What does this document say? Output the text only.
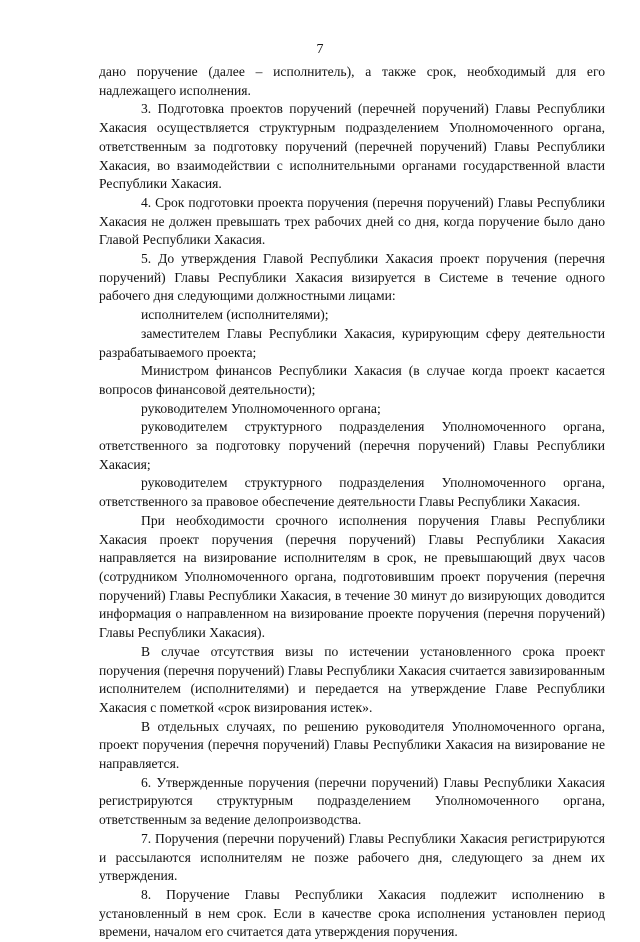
7

дано поручение (далее – исполнитель), а также срок, необходимый для его надлежащего исполнения.

3. Подготовка проектов поручений (перечней поручений) Главы Республики Хакасия осуществляется структурным подразделением Уполномоченного органа, ответственным за подготовку поручений (перечней поручений) Главы Республики Хакасия, во взаимодействии с исполнительными органами государственной власти Республики Хакасия.

4. Срок подготовки проекта поручения (перечня поручений) Главы Республики Хакасия не должен превышать трех рабочих дней со дня, когда поручение было дано Главой Республики Хакасия.

5. До утверждения Главой Республики Хакасия проект поручения (перечня поручений) Главы Республики Хакасия визируется в Системе в течение одного рабочего дня следующими должностными лицами:

исполнителем (исполнителями);

заместителем Главы Республики Хакасия, курирующим сферу деятельности разрабатываемого проекта;

Министром финансов Республики Хакасия (в случае когда проект касается вопросов финансовой деятельности);

руководителем Уполномоченного органа;

руководителем структурного подразделения Уполномоченного органа, ответственного за подготовку поручений (перечня поручений) Главы Республики Хакасия;

руководителем структурного подразделения Уполномоченного органа, ответственного за правовое обеспечение деятельности Главы Республики Хакасия.

При необходимости срочного исполнения поручения Главы Республики Хакасия проект поручения (перечня поручений) Главы Республики Хакасия направляется на визирование исполнителям в срок, не превышающий двух часов (сотрудником Уполномоченного органа, подготовившим проект поручения (перечня поручений) Главы Республики Хакасия, в течение 30 минут до визирующих доводится информация о направленном на визирование проекте поручения (перечня поручений) Главы Республики Хакасия).

В случае отсутствия визы по истечении установленного срока проект поручения (перечня поручений) Главы Республики Хакасия считается завизированным исполнителем (исполнителями) и передается на утверждение Главе Республики Хакасия с пометкой «срок визирования истек».

В отдельных случаях, по решению руководителя Уполномоченного органа, проект поручения (перечня поручений) Главы Республики Хакасия на визирование не направляется.

6. Утвержденные поручения (перечни поручений) Главы Республики Хакасия регистрируются структурным подразделением Уполномоченного органа, ответственным за ведение делопроизводства.

7. Поручения (перечни поручений) Главы Республики Хакасия регистрируются и рассылаются исполнителям не позже рабочего дня, следующего за днем их утверждения.

8. Поручение Главы Республики Хакасия подлежит исполнению в установленный в нем срок. Если в качестве срока исполнения установлен период времени, началом его считается дата утверждения поручения.
